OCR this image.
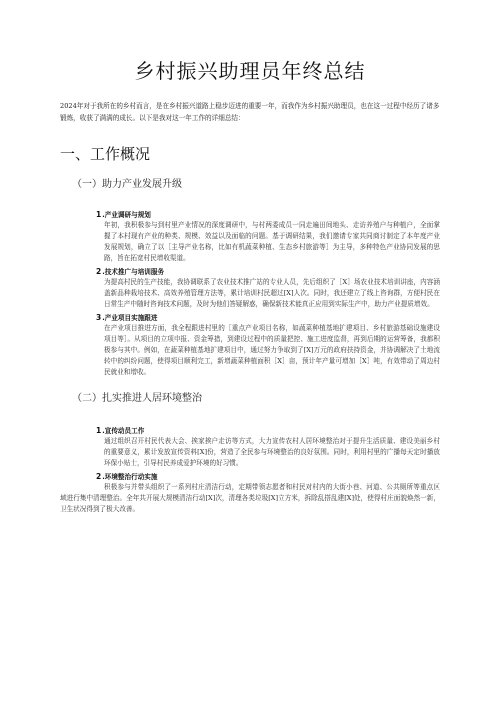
乡村振兴助理员年终总结

2024年对于我所在的乡村而言，是在乡村振兴道路上稳步迈进的重要一年，而我作为乡村振兴助理员，也在这一过程中经历了诸多锻炼，收获了满满的成长。以下是我对这一年工作的详细总结：

一、工作概况
（一）助力产业发展升级
1.产业调研与规划
年初，我积极参与到村里产业情况的深度调研中，与村两委成员一同走遍田间地头、走访养殖户与种植户，全面掌握了本村现有产业的种类、规模、效益以及面临的问题。基于调研结果，我们邀请专家共同商讨制定了本年度产业发展规划，确立了以［主导产业名称，比如有机蔬菜种植、生态乡村旅游等］为主导，多种特色产业协同发展的思路，旨在拓宽村民增收渠道。
2.技术推广与培训服务
为提高村民的生产技能，我协调联系了农业技术推广站的专业人员，先后组织了［X］场农业技术培训讲座，内容涵盖新品种栽培技术、高效养殖管理方法等，累计培训村民超过[X]人次。同时，我还建立了线上咨询群，方便村民在日常生产中随时咨询技术问题，及时为他们答疑解惑，确保新技术能真正应用到实际生产中，助力产业提质增效。
3.产业项目实施跟进
在产业项目推进方面，我全程跟进村里的［重点产业项目名称，如蔬菜种植基地扩建项目、乡村旅游基础设施建设项目等］。从项目的立项申报、资金筹措，到建设过程中的质量把控、施工进度监督，再到后期的运营筹备，我都积极参与其中。例如，在蔬菜种植基地扩建项目中，通过努力争取到了[X]万元的政府扶持资金，并协调解决了土地流转中的纠纷问题，使得项目顺利完工，新增蔬菜种植面积［X］亩，预计年产量可增加［X］吨，有效带动了周边村民就业和增收。
（二）扎实推进人居环境整治
1.宣传动员工作
通过组织召开村民代表大会、挨家挨户走访等方式，大力宣传农村人居环境整治对于提升生活质量、建设美丽乡村的重要意义，累计发放宣传资料[X]份，营造了全民参与环境整治的良好氛围。同时，利用村里的广播每天定时播放环保小贴士，引导村民养成爱护环境的好习惯。
2.环境整治行动实施
积极参与并带头组织了一系列村庄清洁行动，定期带领志愿者和村民对村内的大街小巷、河道、公共厕所等重点区域进行集中清理整治。全年共开展大规模清洁行动[X]次，清理各类垃圾[X]立方米，拆除乱搭乱建[X]处，使得村庄面貌焕然一新，卫生状况得到了极大改善。
